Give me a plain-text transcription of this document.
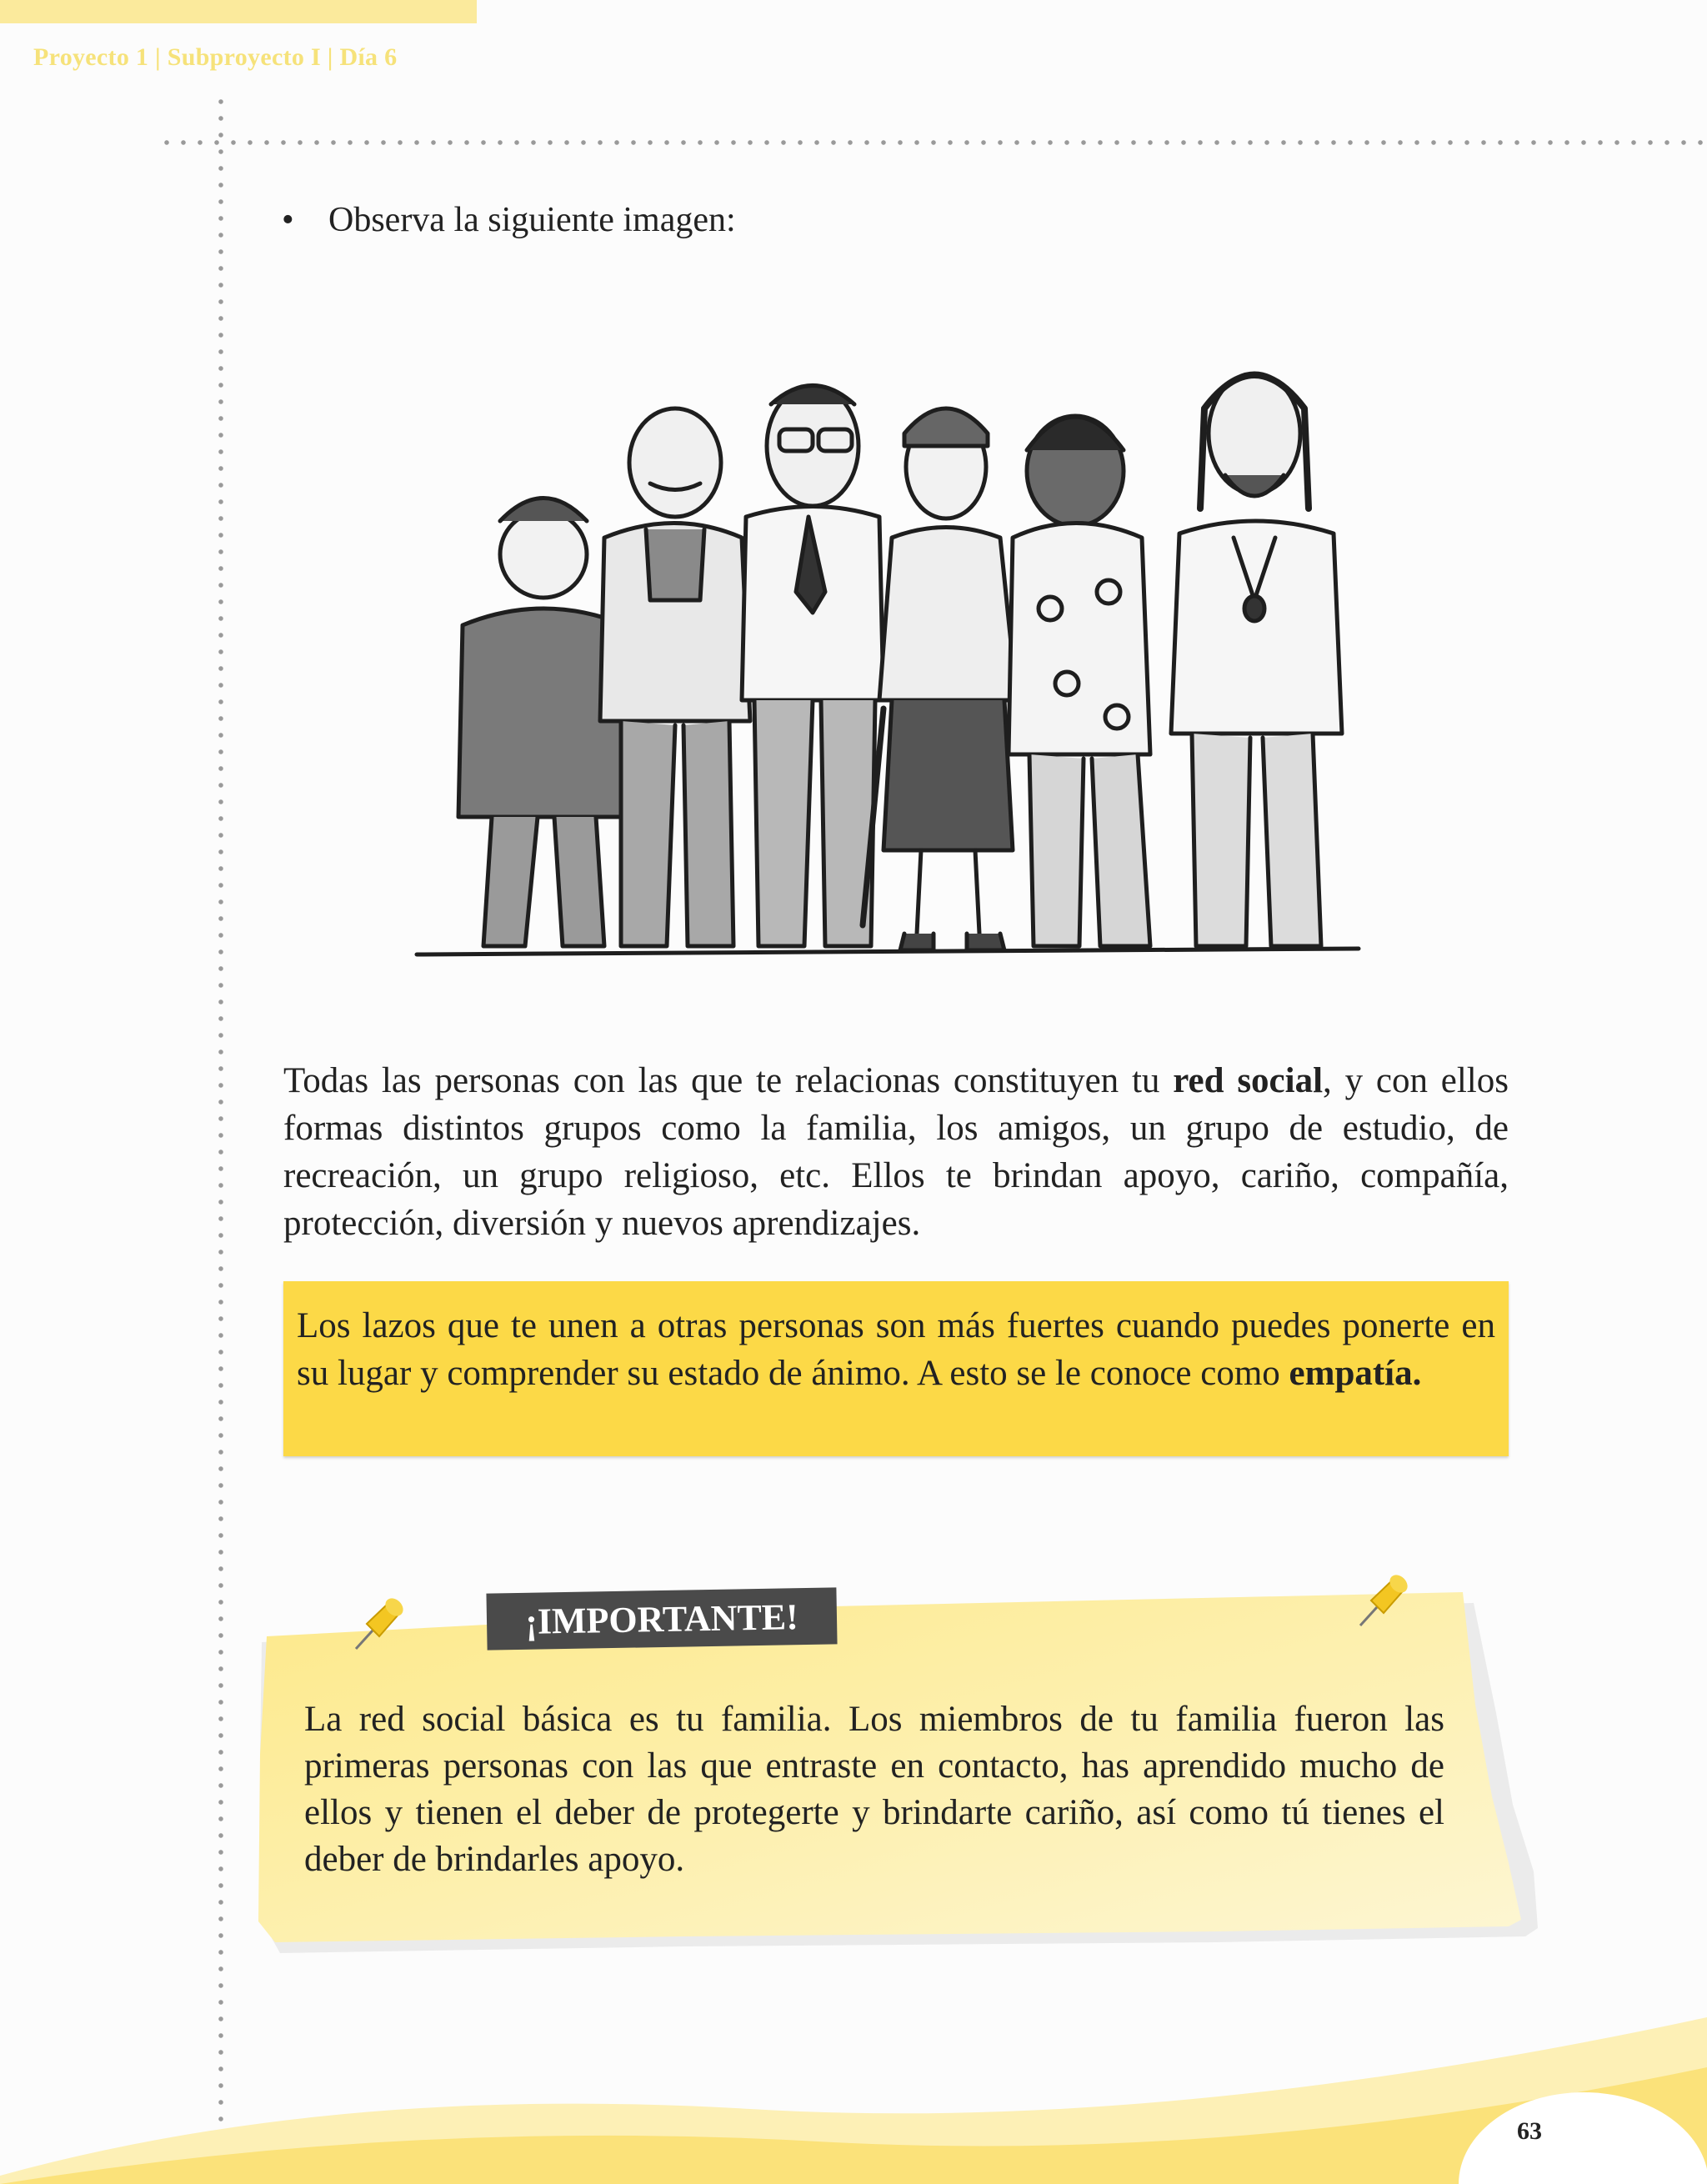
Proyecto 1 | Subproyecto I | Día 6
• Observa la siguiente imagen:
Todas las personas con las que te relacionas constituyen tu red social, y con ellos formas distintos grupos como la familia, los amigos, un grupo de estudio, de recreación, un grupo religioso, etc. Ellos te brindan apoyo, cariño, compañía, protección, diversión y nuevos aprendizajes.

Los lazos que te unen a otras personas son más fuertes cuando puedes ponerte en su lugar y comprender su estado de ánimo. A esto se le conoce como empatía.

¡IMPORTANTE!
La red social básica es tu familia. Los miembros de tu familia fueron las primeras personas con las que entraste en contacto, has aprendido mucho de ellos y tienen el deber de protegerte y brindarte cariño, así como tú tienes el deber de brindarles apoyo.
63
